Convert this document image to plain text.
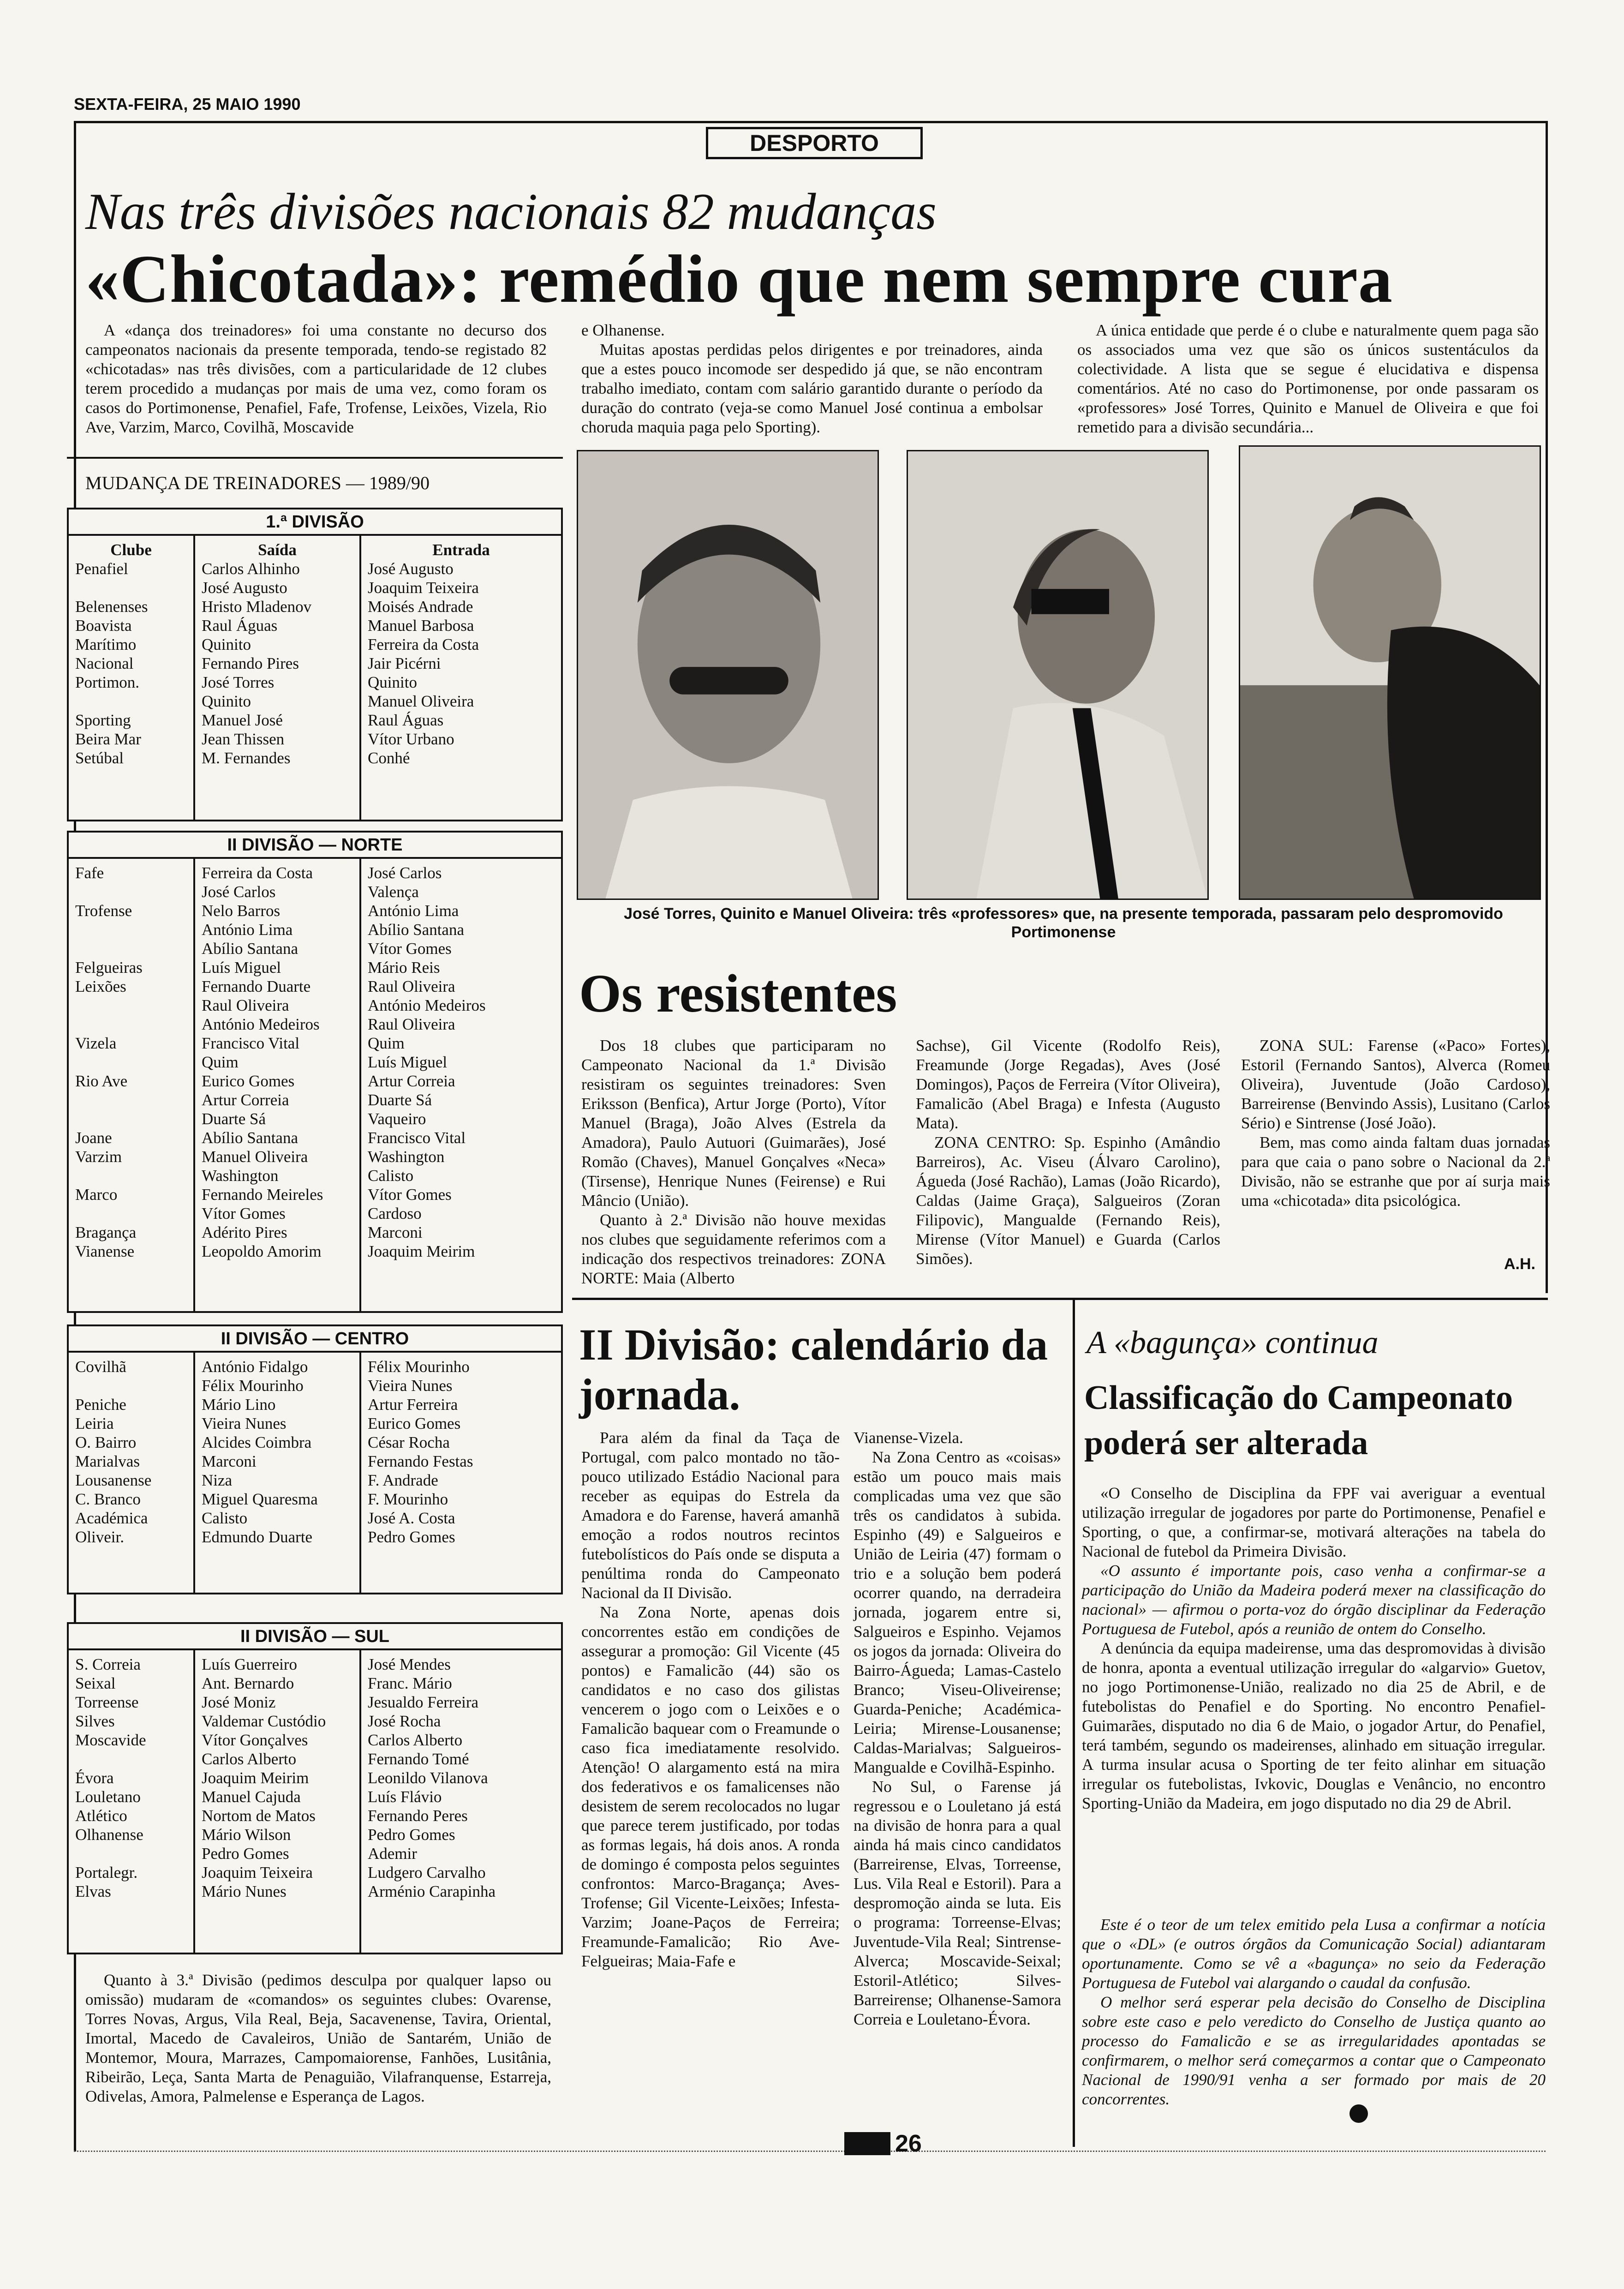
SEXTA-FEIRA, 25 MAIO 1990
DESPORTO
Nas três divisões nacionais 82 mudanças
«Chicotada»: remédio que nem sempre cura

A «dança dos treinadores» foi uma constante no decurso dos campeonatos nacionais da presente temporada, tendo-se registado 82 «chicotadas» nas três divisões, com a particularidade de 12 clubes terem procedido a mudanças por mais de uma vez, como foram os casos do Portimonense, Penafiel, Fafe, Trofense, Leixões, Vizela, Rio Ave, Varzim, Marco, Covilhã, Moscavide

e Olhanense.

Muitas apostas perdidas pelos dirigentes e por treinadores, ainda que a estes pouco incomode ser despedido já que, se não encontram trabalho imediato, contam com salário garantido durante o período da duração do contrato (veja-se como Manuel José continua a embolsar choruda maquia paga pelo Sporting).

A única entidade que perde é o clube e naturalmente quem paga são os associados uma vez que são os únicos sustentáculos da colectividade. A lista que se segue é elucidativa e dispensa comentários. Até no caso do Portimonense, por onde passaram os «professores» José Torres, Quinito e Manuel de Oliveira e que foi remetido para a divisão secundária...

MUDANÇA DE TREINADORES — 1989/90
1.ª DIVISÃO
Clube
Penafiel

Belenenses
Boavista
Marítimo
Nacional
Portimon.

Sporting
Beira Mar
Setúbal
Saída
Carlos Alhinho
José Augusto
Hristo Mladenov
Raul Águas
Quinito
Fernando Pires
José Torres
Quinito
Manuel José
Jean Thissen
M. Fernandes
Entrada
José Augusto
Joaquim Teixeira
Moisés Andrade
Manuel Barbosa
Ferreira da Costa
Jair Picérni
Quinito
Manuel Oliveira
Raul Águas
Vítor Urbano
Conhé
II DIVISÃO — NORTE
Fafe

Trofense

Felgueiras
Leixões

Vizela

Rio Ave

Joane
Varzim

Marco

Bragança
Vianense
Ferreira da Costa
José Carlos
Nelo Barros
António Lima
Abílio Santana
Luís Miguel
Fernando Duarte
Raul Oliveira
António Medeiros
Francisco Vital
Quim
Eurico Gomes
Artur Correia
Duarte Sá
Abílio Santana
Manuel Oliveira
Washington
Fernando Meireles
Vítor Gomes
Adérito Pires
Leopoldo Amorim
José Carlos
Valença
António Lima
Abílio Santana
Vítor Gomes
Mário Reis
Raul Oliveira
António Medeiros
Raul Oliveira
Quim
Luís Miguel
Artur Correia
Duarte Sá
Vaqueiro
Francisco Vital
Washington
Calisto
Vítor Gomes
Cardoso
Marconi
Joaquim Meirim
II DIVISÃO — CENTRO
Covilhã

Peniche
Leiria
O. Bairro
Marialvas
Lousanense
C. Branco
Académica
Oliveir.
António Fidalgo
Félix Mourinho
Mário Lino
Vieira Nunes
Alcides Coimbra
Marconi
Niza
Miguel Quaresma
Calisto
Edmundo Duarte
Félix Mourinho
Vieira Nunes
Artur Ferreira
Eurico Gomes
César Rocha
Fernando Festas
F. Andrade
F. Mourinho
José A. Costa
Pedro Gomes
II DIVISÃO — SUL
S. Correia
Seixal
Torreense
Silves
Moscavide

Évora
Louletano
Atlético
Olhanense

Portalegr.
Elvas
Luís Guerreiro
Ant. Bernardo
José Moniz
Valdemar Custódio
Vítor Gonçalves
Carlos Alberto
Joaquim Meirim
Manuel Cajuda
Nortom de Matos
Mário Wilson
Pedro Gomes
Joaquim Teixeira
Mário Nunes
José Mendes
Franc. Mário
Jesualdo Ferreira
José Rocha
Carlos Alberto
Fernando Tomé
Leonildo Vilanova
Luís Flávio
Fernando Peres
Pedro Gomes
Ademir
Ludgero Carvalho
Arménio Carapinha

Quanto à 3.ª Divisão (pedimos desculpa por qualquer lapso ou omissão) mudaram de «comandos» os seguintes clubes: Ovarense, Torres Novas, Argus, Vila Real, Beja, Sacavenense, Tavira, Oriental, Imortal, Macedo de Cavaleiros, União de Santarém, União de Montemor, Moura, Marrazes, Campomaiorense, Fanhões, Lusitânia, Ribeirão, Leça, Santa Marta de Penaguião, Vilafranquense, Estarreja, Odivelas, Amora, Palmelense e Esperança de Lagos.

José Torres, Quinito e Manuel Oliveira: três «professores» que, na presente temporada, passaram pelo despromovido Portimonense
Os resistentes

Dos 18 clubes que participaram no Campeonato Nacional da 1.ª Divisão resistiram os seguintes treinadores: Sven Eriksson (Benfica), Artur Jorge (Porto), Vítor Manuel (Braga), João Alves (Estrela da Amadora), Paulo Autuori (Guimarães), José Romão (Chaves), Manuel Gonçalves «Neca» (Tirsense), Henrique Nunes (Feirense) e Rui Mâncio (União).

Quanto à 2.ª Divisão não houve mexidas nos clubes que seguidamente referimos com a indicação dos respectivos treinadores: ZONA NORTE: Maia (Alberto

Sachse), Gil Vicente (Rodolfo Reis), Freamunde (Jorge Regadas), Aves (José Domingos), Paços de Ferreira (Vítor Oliveira), Famalicão (Abel Braga) e Infesta (Augusto Mata).

ZONA CENTRO: Sp. Espinho (Amândio Barreiros), Ac. Viseu (Álvaro Carolino), Águeda (José Rachão), Lamas (João Ricardo), Caldas (Jaime Graça), Salgueiros (Zoran Filipovic), Mangualde (Fernando Reis), Mirense (Vítor Manuel) e Guarda (Carlos Simões).

ZONA SUL: Farense («Paco» Fortes), Estoril (Fernando Santos), Alverca (Romeu Oliveira), Juventude (João Cardoso), Barreirense (Benvindo Assis), Lusitano (Carlos Sério) e Sintrense (José João).

Bem, mas como ainda faltam duas jornadas para que caia o pano sobre o Nacional da 2.ª Divisão, não se estranhe que por aí surja mais uma «chicotada» dita psicológica.

A.H.
II Divisão: calendário da jornada.

Para além da final da Taça de Portugal, com palco montado no tão-pouco utilizado Estádio Nacional para receber as equipas do Estrela da Amadora e do Farense, haverá amanhã emoção a rodos noutros recintos futebolísticos do País onde se disputa a penúltima ronda do Campeonato Nacional da II Divisão.

Na Zona Norte, apenas dois concorrentes estão em condições de assegurar a promoção: Gil Vicente (45 pontos) e Famalicão (44) são os candidatos e no caso dos gilistas vencerem o jogo com o Leixões e o Famalicão baquear com o Freamunde o caso fica imediatamente resolvido. Atenção! O alargamento está na mira dos federativos e os famalicenses não desistem de serem recolocados no lugar que parece terem justificado, por todas as formas legais, há dois anos. A ronda de domingo é composta pelos seguintes confrontos: Marco-Bragança; Aves-Trofense; Gil Vicente-Leixões; Infesta-Varzim; Joane-Paços de Ferreira; Freamunde-Famalicão; Rio Ave-Felgueiras; Maia-Fafe e

Vianense-Vizela.

Na Zona Centro as «coisas» estão um pouco mais mais complicadas uma vez que são três os candidatos à subida. Espinho (49) e Salgueiros e União de Leiria (47) formam o trio e a solução bem poderá ocorrer quando, na derradeira jornada, jogarem entre si, Salgueiros e Espinho. Vejamos os jogos da jornada: Oliveira do Bairro-Águeda; Lamas-Castelo Branco; Viseu-Oliveirense; Guarda-Peniche; Académica-Leiria; Mirense-Lousanense; Caldas-Marialvas; Salgueiros-Mangualde e Covilhã-Espinho.

No Sul, o Farense já regressou e o Louletano já está na divisão de honra para a qual ainda há mais cinco candidatos (Barreirense, Elvas, Torreense, Lus. Vila Real e Estoril). Para a despromoção ainda se luta. Eis o programa: Torreense-Elvas; Juventude-Vila Real; Sintrense-Alverca; Moscavide-Seixal; Estoril-Atlético; Silves-Barreirense; Olhanense-Samora Correia e Louletano-Évora.

A «bagunça» continua
Classificação do Campeonato poderá ser alterada

«O Conselho de Disciplina da FPF vai averiguar a eventual utilização irregular de jogadores por parte do Portimonense, Penafiel e Sporting, o que, a confirmar-se, motivará alterações na tabela do Nacional de futebol da Primeira Divisão.

«O assunto é importante pois, caso venha a confirmar-se a participação do União da Madeira poderá mexer na classificação do nacional» — afirmou o porta-voz do órgão disciplinar da Federação Portuguesa de Futebol, após a reunião de ontem do Conselho.

A denúncia da equipa madeirense, uma das despromovidas à divisão de honra, aponta a eventual utilização irregular do «algarvio» Guetov, no jogo Portimonense-União, realizado no dia 25 de Abril, e de futebolistas do Penafiel e do Sporting. No encontro Penafiel-Guimarães, disputado no dia 6 de Maio, o jogador Artur, do Penafiel, terá também, segundo os madeirenses, alinhado em situação irregular. A turma insular acusa o Sporting de ter feito alinhar em situação irregular os futebolistas, Ivkovic, Douglas e Venâncio, no encontro Sporting-União da Madeira, em jogo disputado no dia 29 de Abril.

Este é o teor de um telex emitido pela Lusa a confirmar a notícia que o «DL» (e outros órgãos da Comunicação Social) adiantaram oportunamente. Como se vê a «bagunça» no seio da Federação Portuguesa de Futebol vai alargando o caudal da confusão.

O melhor será esperar pela decisão do Conselho de Disciplina sobre este caso e pelo veredicto do Conselho de Justiça quanto ao processo do Famalicão e se as irregularidades apontadas se confirmarem, o melhor será começarmos a contar que o Campeonato Nacional de 1990/91 venha a ser formado por mais de 20 concorrentes.

26
